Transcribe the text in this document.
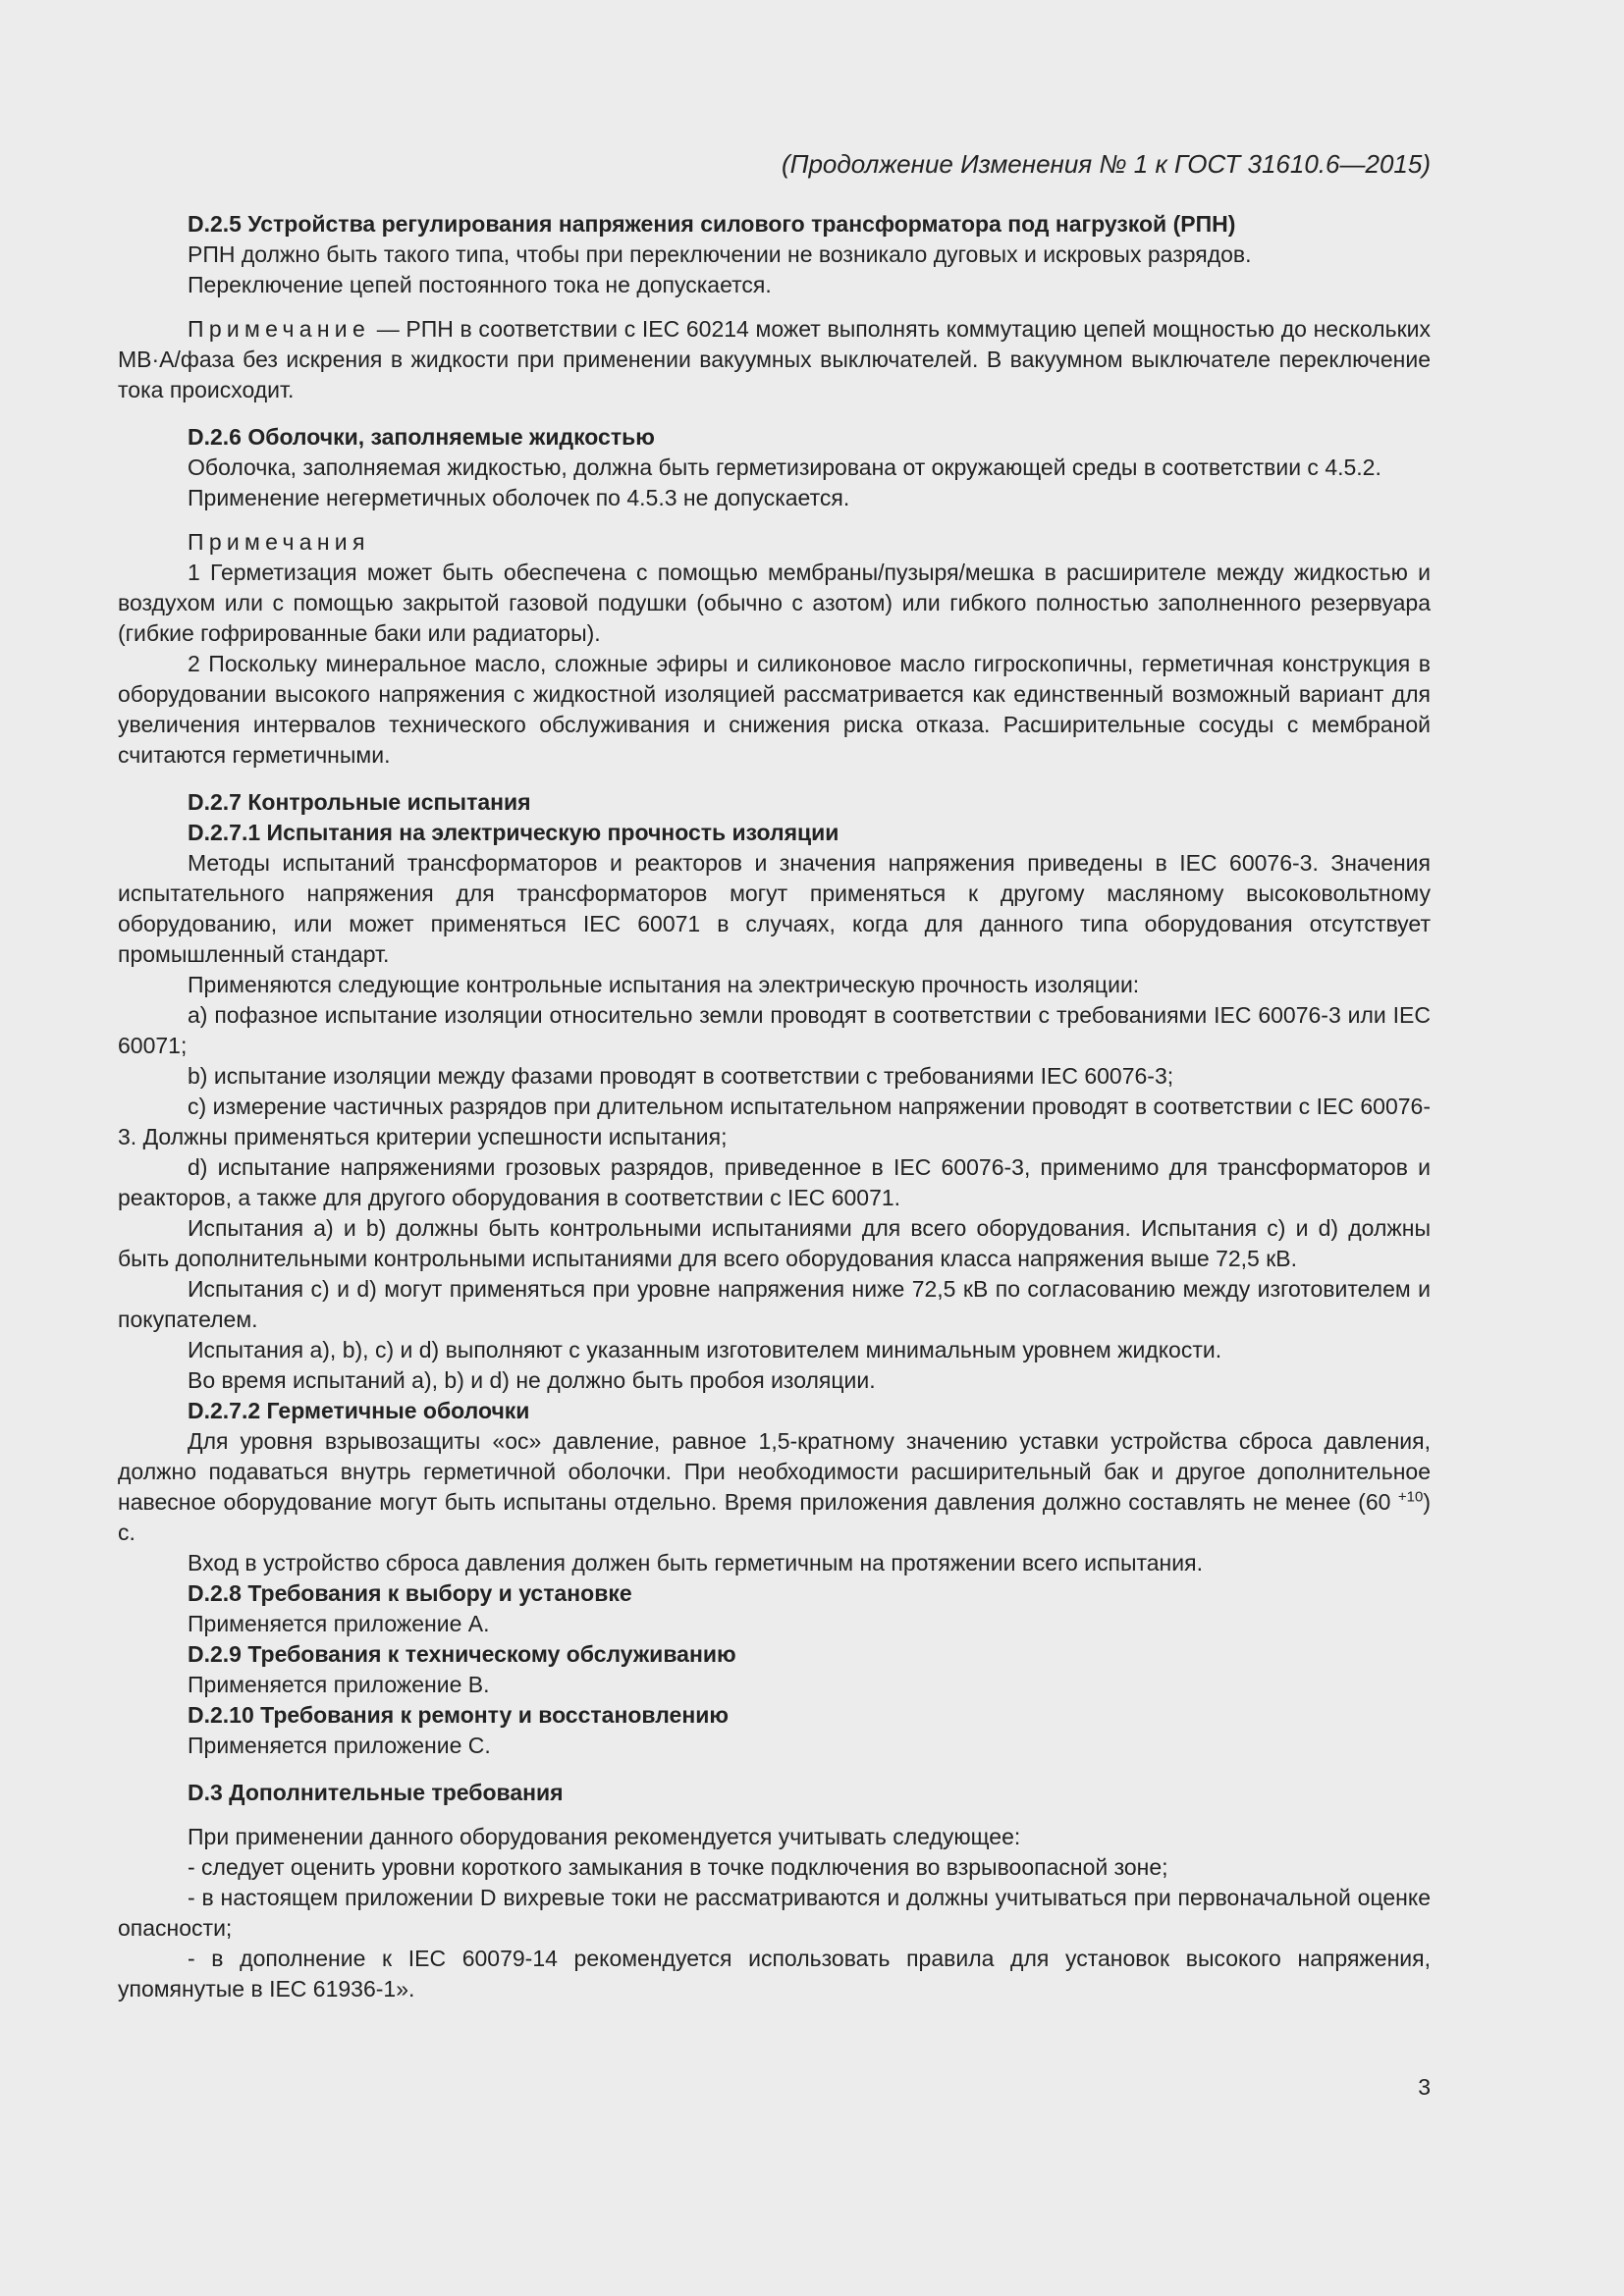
(Продолжение Изменения № 1 к ГОСТ 31610.6—2015)
D.2.5 Устройства регулирования напряжения силового трансформатора под нагрузкой (РПН)

РПН должно быть такого типа, чтобы при переключении не возникало дуговых и искровых разрядов.

Переключение цепей постоянного тока не допускается.

Примечание — РПН в соответствии с IEC 60214 может выполнять коммутацию цепей мощностью до нескольких МВ·А/фаза без искрения в жидкости при применении вакуумных выключателей. В вакуумном выключателе переключение тока происходит.

D.2.6 Оболочки, заполняемые жидкостью

Оболочка, заполняемая жидкостью, должна быть герметизирована от окружающей среды в соответствии с 4.5.2.

Применение негерметичных оболочек по 4.5.3 не допускается.

Примечания

1 Герметизация может быть обеспечена с помощью мембраны/пузыря/мешка в расширителе между жидкостью и воздухом или с помощью закрытой газовой подушки (обычно с азотом) или гибкого полностью заполненного резервуара (гибкие гофрированные баки или радиаторы).

2 Поскольку минеральное масло, сложные эфиры и силиконовое масло гигроскопичны, герметичная конструкция в оборудовании высокого напряжения с жидкостной изоляцией рассматривается как единственный возможный вариант для увеличения интервалов технического обслуживания и снижения риска отказа. Расширительные сосуды с мембраной считаются герметичными.

D.2.7 Контрольные испытания
D.2.7.1 Испытания на электрическую прочность изоляции

Методы испытаний трансформаторов и реакторов и значения напряжения приведены в IEC 60076-3. Значения испытательного напряжения для трансформаторов могут применяться к другому масляному высоковольтному оборудованию, или может применяться IEC 60071 в случаях, когда для данного типа оборудования отсутствует промышленный стандарт.

Применяются следующие контрольные испытания на электрическую прочность изоляции:

a) пофазное испытание изоляции относительно земли проводят в соответствии с требованиями IEC 60076-3 или IEC 60071;

b) испытание изоляции между фазами проводят в соответствии с требованиями IEC 60076-3;

c) измерение частичных разрядов при длительном испытательном напряжении проводят в соответствии с IEC 60076-3. Должны применяться критерии успешности испытания;

d) испытание напряжениями грозовых разрядов, приведенное в IEC 60076-3, применимо для трансформаторов и реакторов, а также для другого оборудования в соответствии с IEC 60071.

Испытания a) и b) должны быть контрольными испытаниями для всего оборудования. Испытания c) и d) должны быть дополнительными контрольными испытаниями для всего оборудования класса напряжения выше 72,5 кВ.

Испытания c) и d) могут применяться при уровне напряжения ниже 72,5 кВ по согласованию между изготовителем и покупателем.

Испытания a), b), c) и d) выполняют с указанным изготовителем минимальным уровнем жидкости.

Во время испытаний a), b) и d) не должно быть пробоя изоляции.

D.2.7.2 Герметичные оболочки

Для уровня взрывозащиты «ос» давление, равное 1,5-кратному значению уставки устройства сброса давления, должно подаваться внутрь герметичной оболочки. При необходимости расширительный бак и другое дополнительное навесное оборудование могут быть испытаны отдельно. Время приложения давления должно составлять не менее (60 $^{+10}$) с.

Вход в устройство сброса давления должен быть герметичным на протяжении всего испытания.

D.2.8 Требования к выбору и установке

Применяется приложение A.

D.2.9 Требования к техническому обслуживанию

Применяется приложение B.

D.2.10 Требования к ремонту и восстановлению

Применяется приложение C.

D.3 Дополнительные требования

При применении данного оборудования рекомендуется учитывать следующее:

- следует оценить уровни короткого замыкания в точке подключения во взрывоопасной зоне;

- в настоящем приложении D вихревые токи не рассматриваются и должны учитываться при первоначальной оценке опасности;

- в дополнение к IEC 60079-14 рекомендуется использовать правила для установок высокого напряжения, упомянутые в IEC 61936-1».

3
